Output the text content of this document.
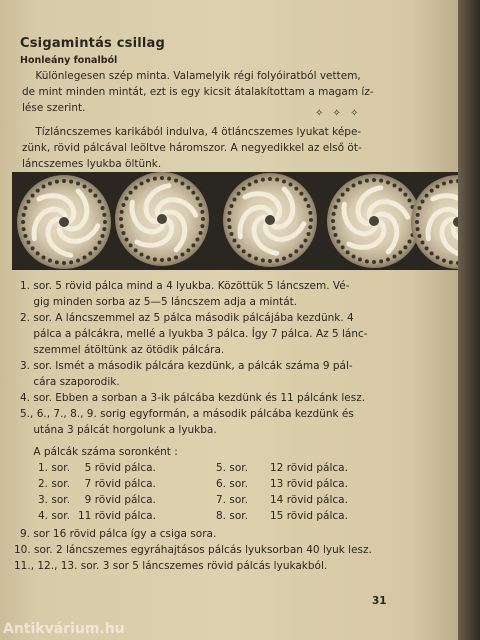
Csigamintás csillag
Honleány fonalból
Különlegesen szép minta. Valamelyik régi folyóiratból vettem,
de mint minden mintát, ezt is egy kicsit átalakítottam a magam íz-
lése szerint.	✧ ✧ ✧
Tízláncszemes karikából indulva, 4 ötláncszemes lyukat képe-
zünk, rövid pálcával leöltve háromszor. A negyedikkel az első öt-
láncszemes lyukba öltünk.
1. sor. 5 rövid pálca mind a 4 lyukba. Közöttük 5 láncszem. Vé-
gig minden sorba az 5—5 láncszem adja a mintát.
2. sor. A láncszemmel az 5 pálca második pálcájába kezdünk. 4
pálca a pálcákra, mellé a lyukba 3 pálca. Így 7 pálca. Az 5 lánc-
szemmel átöltünk az ötödik pálcára.
3. sor. Ismét a második pálcára kezdünk, a pálcák száma 9 pál-
cára szaporodik.
4. sor. Ebben a sorban a 3-ik pálcába kezdünk és 11 pálcánk lesz.
5., 6., 7., 8., 9. sorig egyformán, a második pálcába kezdünk és
utána 3 pálcát horgolunk a lyukba.
A pálcák száma soronként :
1. sor. 5 rövid pálca.	5. sor. 12 rövid pálca.
2. sor. 7 rövid pálca.	6. sor. 13 rövid pálca.
3. sor. 9 rövid pálca.	7. sor. 14 rövid pálca.
4. sor. 11 rövid pálca.	8. sor. 15 rövid pálca.
9. sor 16 rövid pálca így a csiga sora.
10. sor. 2 láncszemes egyráhajtásos pálcás lyuksorban 40 lyuk lesz.
11., 12., 13. sor. 3 sor 5 láncszemes rövid pálcás lyukakból.
31
Antikvárium.hu
